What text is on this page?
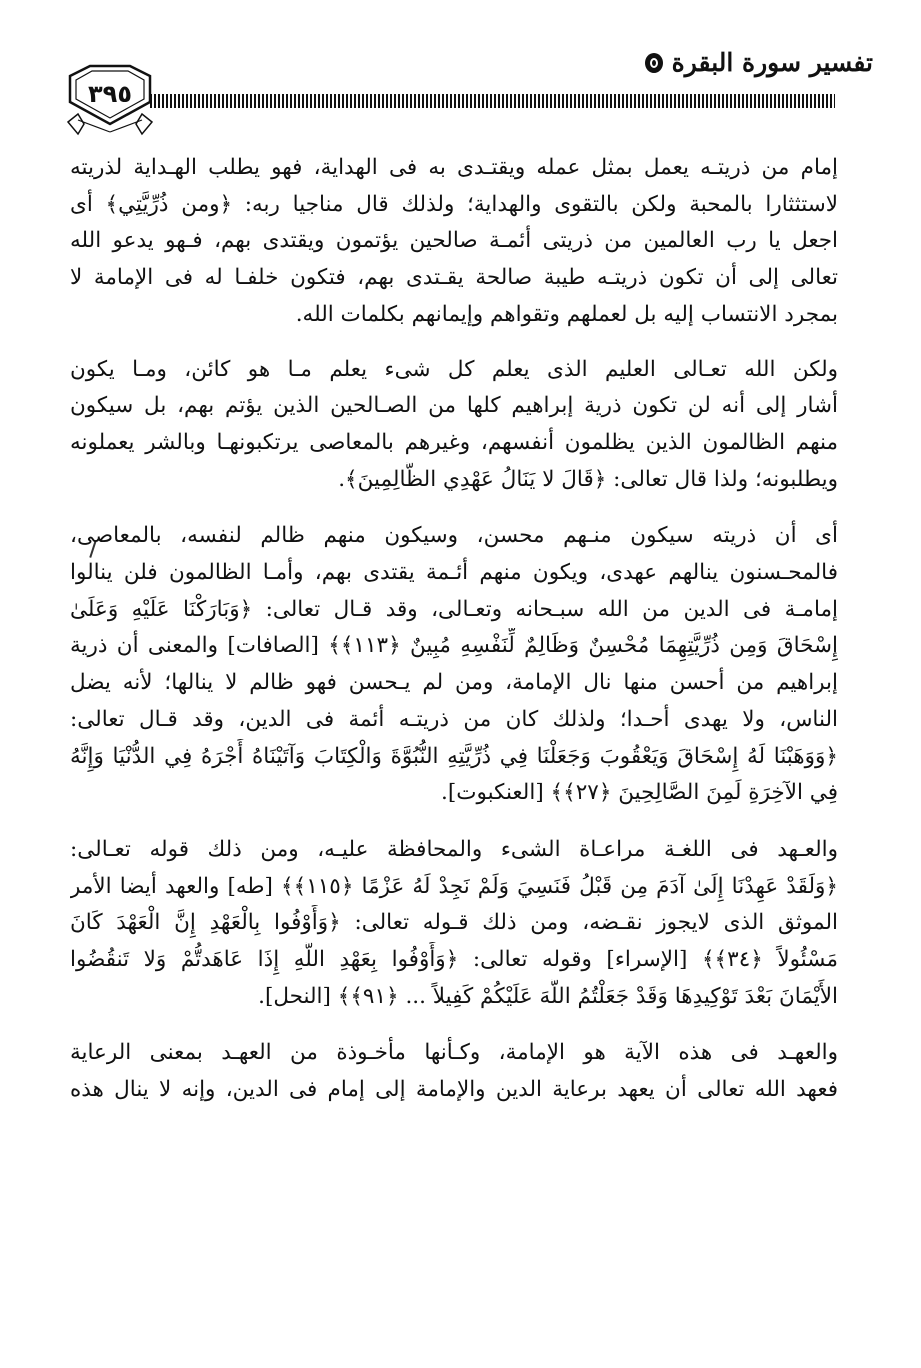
تفسير سورة البقرة
٣٩٥
إمام من ذريتـه يعمل بمثل عمله ويقتـدى به فى الهداية، فهو يطلب الهـداية لذريته
لاستثثارا بالمحبة ولكن بالتقوى والهداية؛ ولذلك قال مناجيا ربه: ﴿ومن ذُرِّيَّتِي﴾ أى
اجعل يا رب العالمين من ذريتى أئمـة صالحين يؤتمون ويقتدى بهم، فـهو يدعو الله
تعالى إلى أن تكون ذريتـه طيبة صالحة يقـتدى بهم، فتكون خلفـا له فى الإمامة لا
بمجرد الانتساب إليه بل لعملهم وتقواهم وإيمانهم بكلمات الله.
ولكن الله تعـالى العليم الذى يعلم كل شىء يعلم مـا هو كائن، ومـا يكون
أشار إلى أنه لن تكون ذرية إبراهيم كلها من الصـالحين الذين يؤتم بهم، بل سيكون
منهم الظالمون الذين يظلمون أنفسهم، وغيرهم بالمعاصى يرتكبونهـا وبالشر يعملونه
ويطلبونه؛ ولذا قال تعالى: ﴿قَالَ لا يَنَالُ عَهْدِي الظَّالِمِينَ﴾.
أى أن ذريته سيكون منـهم محسن، وسيكون منهم ظالم لنفسه، بالمعاصى،
فالمحـسنون ينالهم عهدى، ويكون منهم أئـمة يقتدى بهم، وأمـا الظالمون فلن ينالوا
إمامـة فى الدين من الله سبـحانه وتعـالى، وقد قـال تعالى: ﴿وَبَارَكْنَا عَلَيْهِ وَعَلَىٰ
إِسْحَاقَ وَمِن ذُرِّيَّتِهِمَا مُحْسِنٌ وَظَالِمٌ لِّنَفْسِهِ مُبِينٌ ﴿١١٣﴾﴾ [الصافات] والمعنى أن ذرية
إبراهيم من أحسن منها نال الإمامة، ومن لم يـحسن فهو ظالم لا ينالها؛ لأنه يضل
الناس، ولا يهدى أحـدا؛ ولذلك كان من ذريتـه أئمة فى الدين، وقد قـال تعالى:
﴿وَوَهَبْنَا لَهُ إِسْحَاقَ وَيَعْقُوبَ وَجَعَلْنَا فِي ذُرِّيَّتِهِ النُّبُوَّةَ وَالْكِتَابَ وَآتَيْنَاهُ أَجْرَهُ فِي الدُّنْيَا وَإِنَّهُ
فِي الآخِرَةِ لَمِنَ الصَّالِحِينَ ﴿٢٧﴾﴾ [العنكبوت].
والعـهد فى اللغـة مراعـاة الشىء والمحافظة عليـه، ومن ذلك قوله تعـالى:
﴿وَلَقَدْ عَهِدْنَا إِلَىٰ آدَمَ مِن قَبْلُ فَنَسِيَ وَلَمْ نَجِدْ لَهُ عَزْمًا ﴿١١٥﴾﴾ [طه] والعهد أيضا الأمر
الموثق الذى لايجوز نقـضه، ومن ذلك قـوله تعالى: ﴿وَأَوْفُوا بِالْعَهْدِ إِنَّ الْعَهْدَ كَانَ
مَسْئُولاً ﴿٣٤﴾﴾ [الإسراء] وقوله تعالى: ﴿وَأَوْفُوا بِعَهْدِ اللَّهِ إِذَا عَاهَدتُّمْ وَلا تَنقُضُوا
الأَيْمَانَ بَعْدَ تَوْكِيدِهَا وَقَدْ جَعَلْتُمُ اللَّهَ عَلَيْكُمْ كَفِيلاً ... ﴿٩١﴾﴾ [النحل].
والعهـد فى هذه الآية هو الإمامة، وكـأنها مأخـوذة من العهـد بمعنى الرعاية
فعهد الله تعالى أن يعهد برعاية الدين والإمامة إلى إمام فى الدين، وإنه لا ينال هذه
